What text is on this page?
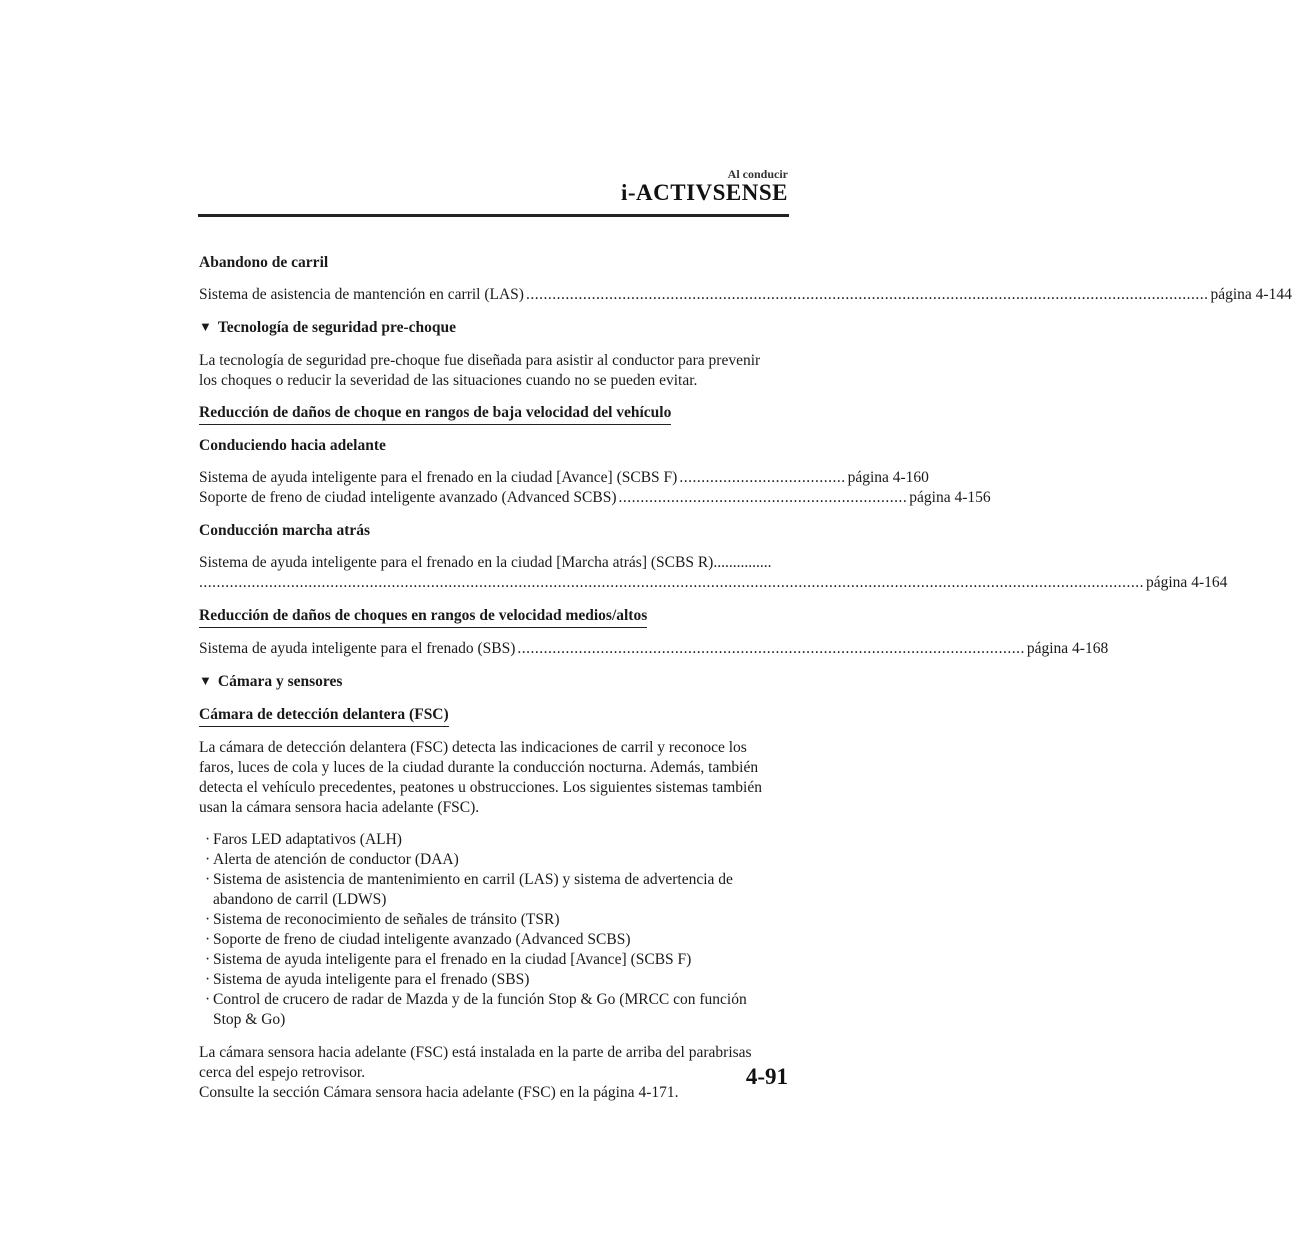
Al conducir
i-ACTIVSENSE

Abandono de carril

Sistema de asistencia de mantención en carril (LAS) ............................................................................................................................................................ página 4-144
▼ Tecnología de seguridad pre-choque

La tecnología de seguridad pre-choque fue diseñada para asistir al conductor para prevenir

los choques o reducir la severidad de las situaciones cuando no se pueden evitar.

Reducción de daños de choque en rangos de baja velocidad del vehículo

Conduciendo hacia adelante

Sistema de ayuda inteligente para el frenado en la ciudad [Avance] (SCBS F) ...................................... página 4-160
Soporte de freno de ciudad inteligente avanzado (Advanced SCBS) .................................................................. página 4-156

Conducción marcha atrás

Sistema de ayuda inteligente para el frenado en la ciudad [Marcha atrás] (SCBS R)...............

........................................................................................................................................................................................................................ página 4-164

Reducción de daños de choques en rangos de velocidad medios/altos

Sistema de ayuda inteligente para el frenado (SBS) .................................................................................................................... página 4-168
▼ Cámara y sensores

Cámara de detección delantera (FSC)

La cámara de detección delantera (FSC) detecta las indicaciones de carril y reconoce los

faros, luces de cola y luces de la ciudad durante la conducción nocturna. Además, también

detecta el vehículo precedentes, peatones u obstrucciones. Los siguientes sistemas también

usan la cámara sensora hacia adelante (FSC).

· Faros LED adaptativos (ALH)
· Alerta de atención de conductor (DAA)
· Sistema de asistencia de mantenimiento en carril (LAS) y sistema de advertencia de
abandono de carril (LDWS)
· Sistema de reconocimiento de señales de tránsito (TSR)
· Soporte de freno de ciudad inteligente avanzado (Advanced SCBS)
· Sistema de ayuda inteligente para el frenado en la ciudad [Avance] (SCBS F)
· Sistema de ayuda inteligente para el frenado (SBS)
· Control de crucero de radar de Mazda y de la función Stop & Go (MRCC con función
Stop & Go)

La cámara sensora hacia adelante (FSC) está instalada en la parte de arriba del parabrisas

cerca del espejo retrovisor.

Consulte la sección Cámara sensora hacia adelante (FSC) en la página 4-171.

4-91
